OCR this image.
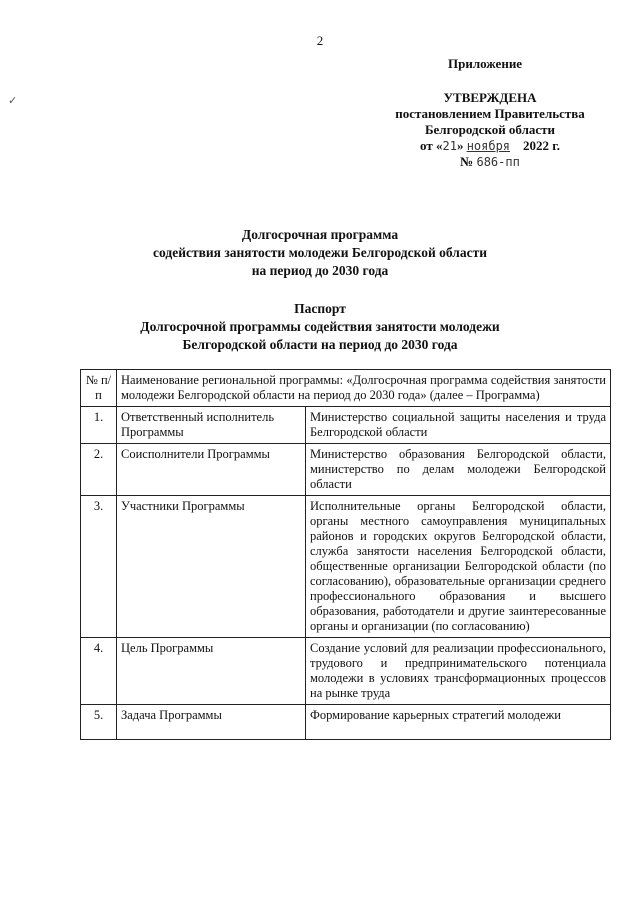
2
✓
Приложение
УТВЕРЖДЕНА
постановлением Правительства
Белгородской области
от «21» ноября 2022 г.
№ 686-пп
Долгосрочная программа
содействия занятости молодежи Белгородской области
на период до 2030 года
Паспорт
Долгосрочной программы содействия занятости молодежи
Белгородской области на период до 2030 года
№ п/п	Наименование региональной программы: «Долгосрочная программа содействия занятости молодежи Белгородской области на период до 2030 года» (далее – Программа)	
1.	Ответственный исполнитель Программы	Министерство социальной защиты населения и труда Белгородской области
2.	Соисполнители Программы	Министерство образования Белгородской области, министерство по делам молодежи Белгородской области
3.	Участники Программы	Исполнительные органы Белгородской области, органы местного самоуправления муниципальных районов и городских округов Белгородской области, служба занятости населения Белгородской области, общественные организации Белгородской области (по согласованию), образовательные организации среднего профессионального образования и высшего образования, работодатели и другие заинтересованные органы и организации (по согласованию)
4.	Цель Программы	Создание условий для реализации профессионального, трудового и предпринимательского потенциала молодежи в условиях трансформационных процессов на рынке труда
5.	Задача Программы	Формирование карьерных стратегий молодежи
